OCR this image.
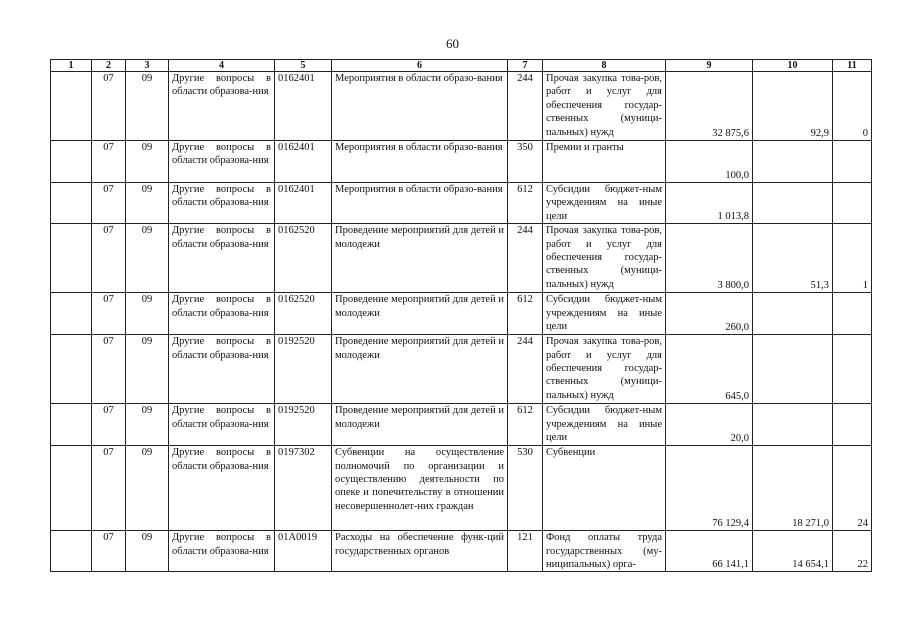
60
1	2	3	4	5	6	7	8	9	10	11
	07	09	Другие вопросы в области образова-ния	0162401	Мероприятия в области образо-вания	244	Прочая закупка това-ров, работ и услуг для обеспечения государ-ственных (муници-пальных) нужд	32 875,6	92,9	0
	07	09	Другие вопросы в области образова-ния	0162401	Мероприятия в области образо-вания	350	Премии и гранты	100,0		
	07	09	Другие вопросы в области образова-ния	0162401	Мероприятия в области образо-вания	612	Субсидии бюджет-ным учреждениям на иные цели	1 013,8		
	07	09	Другие вопросы в области образова-ния	0162520	Проведение мероприятий для детей и молодежи	244	Прочая закупка това-ров, работ и услуг для обеспечения государ-ственных (муници-пальных) нужд	3 800,0	51,3	1
	07	09	Другие вопросы в области образова-ния	0162520	Проведение мероприятий для детей и молодежи	612	Субсидии бюджет-ным учреждениям на иные цели	260,0		
	07	09	Другие вопросы в области образова-ния	0192520	Проведение мероприятий для детей и молодежи	244	Прочая закупка това-ров, работ и услуг для обеспечения государ-ственных (муници-пальных) нужд	645,0		
	07	09	Другие вопросы в области образова-ния	0192520	Проведение мероприятий для детей и молодежи	612	Субсидии бюджет-ным учреждениям на иные цели	20,0		
	07	09	Другие вопросы в области образова-ния	0197302	Субвенции на осуществление полномочий по организации и осуществлению деятельности по опеке и попечительству в отношении несовершеннолет-них граждан	530	Субвенции	76 129,4	18 271,0	24
	07	09	Другие вопросы в области образова-ния	01А0019	Расходы на обеспечение функ-ций государственных органов	121	Фонд оплаты труда государственных (му-ниципальных) орга-	66 141,1	14 654,1	22
